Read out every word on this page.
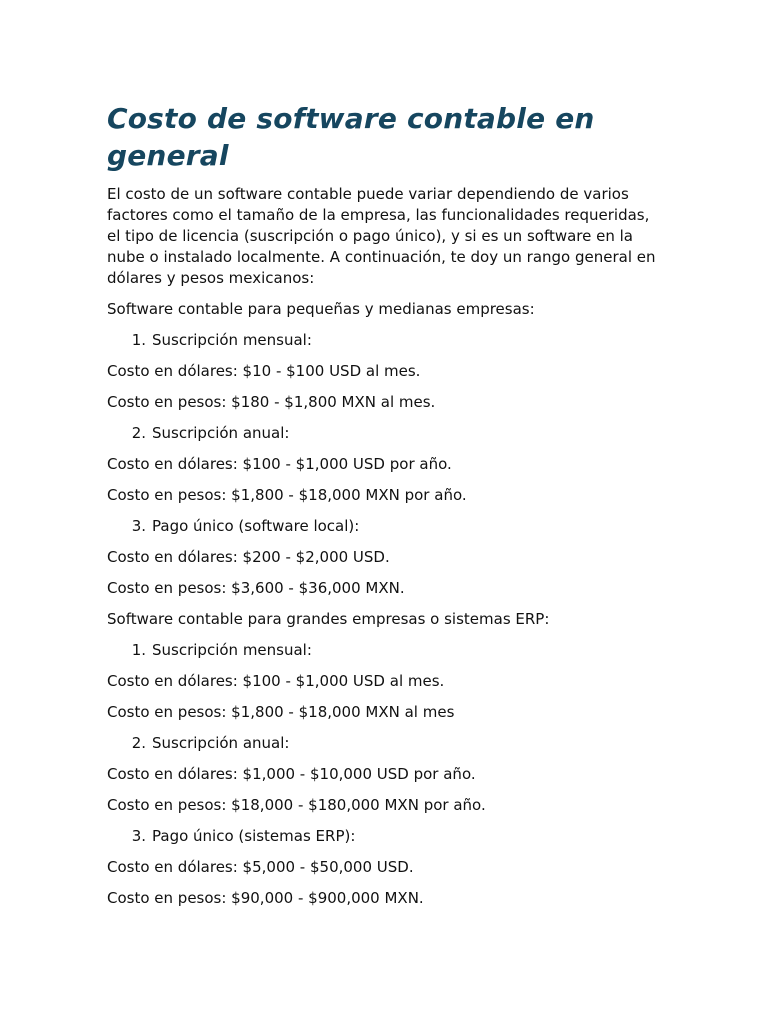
Costo de software contable en general

El costo de un software contable puede variar dependiendo de varios factores como el tamaño de la empresa, las funcionalidades requeridas, el tipo de licencia (suscripción o pago único), y si es un software en la nube o instalado localmente. A continuación, te doy un rango general en dólares y pesos mexicanos:

Software contable para pequeñas y medianas empresas:

1. Suscripción mensual:

Costo en dólares: $10 - $100 USD al mes.

Costo en pesos: $180 - $1,800 MXN al mes.

2. Suscripción anual:

Costo en dólares: $100 - $1,000 USD por año.

Costo en pesos: $1,800 - $18,000 MXN por año.

3. Pago único (software local):

Costo en dólares: $200 - $2,000 USD.

Costo en pesos: $3,600 - $36,000 MXN.

Software contable para grandes empresas o sistemas ERP:

1. Suscripción mensual:

Costo en dólares: $100 - $1,000 USD al mes.

Costo en pesos: $1,800 - $18,000 MXN al mes

2. Suscripción anual:

Costo en dólares: $1,000 - $10,000 USD por año.

Costo en pesos: $18,000 - $180,000 MXN por año.

3. Pago único (sistemas ERP):

Costo en dólares: $5,000 - $50,000 USD.

Costo en pesos: $90,000 - $900,000 MXN.
